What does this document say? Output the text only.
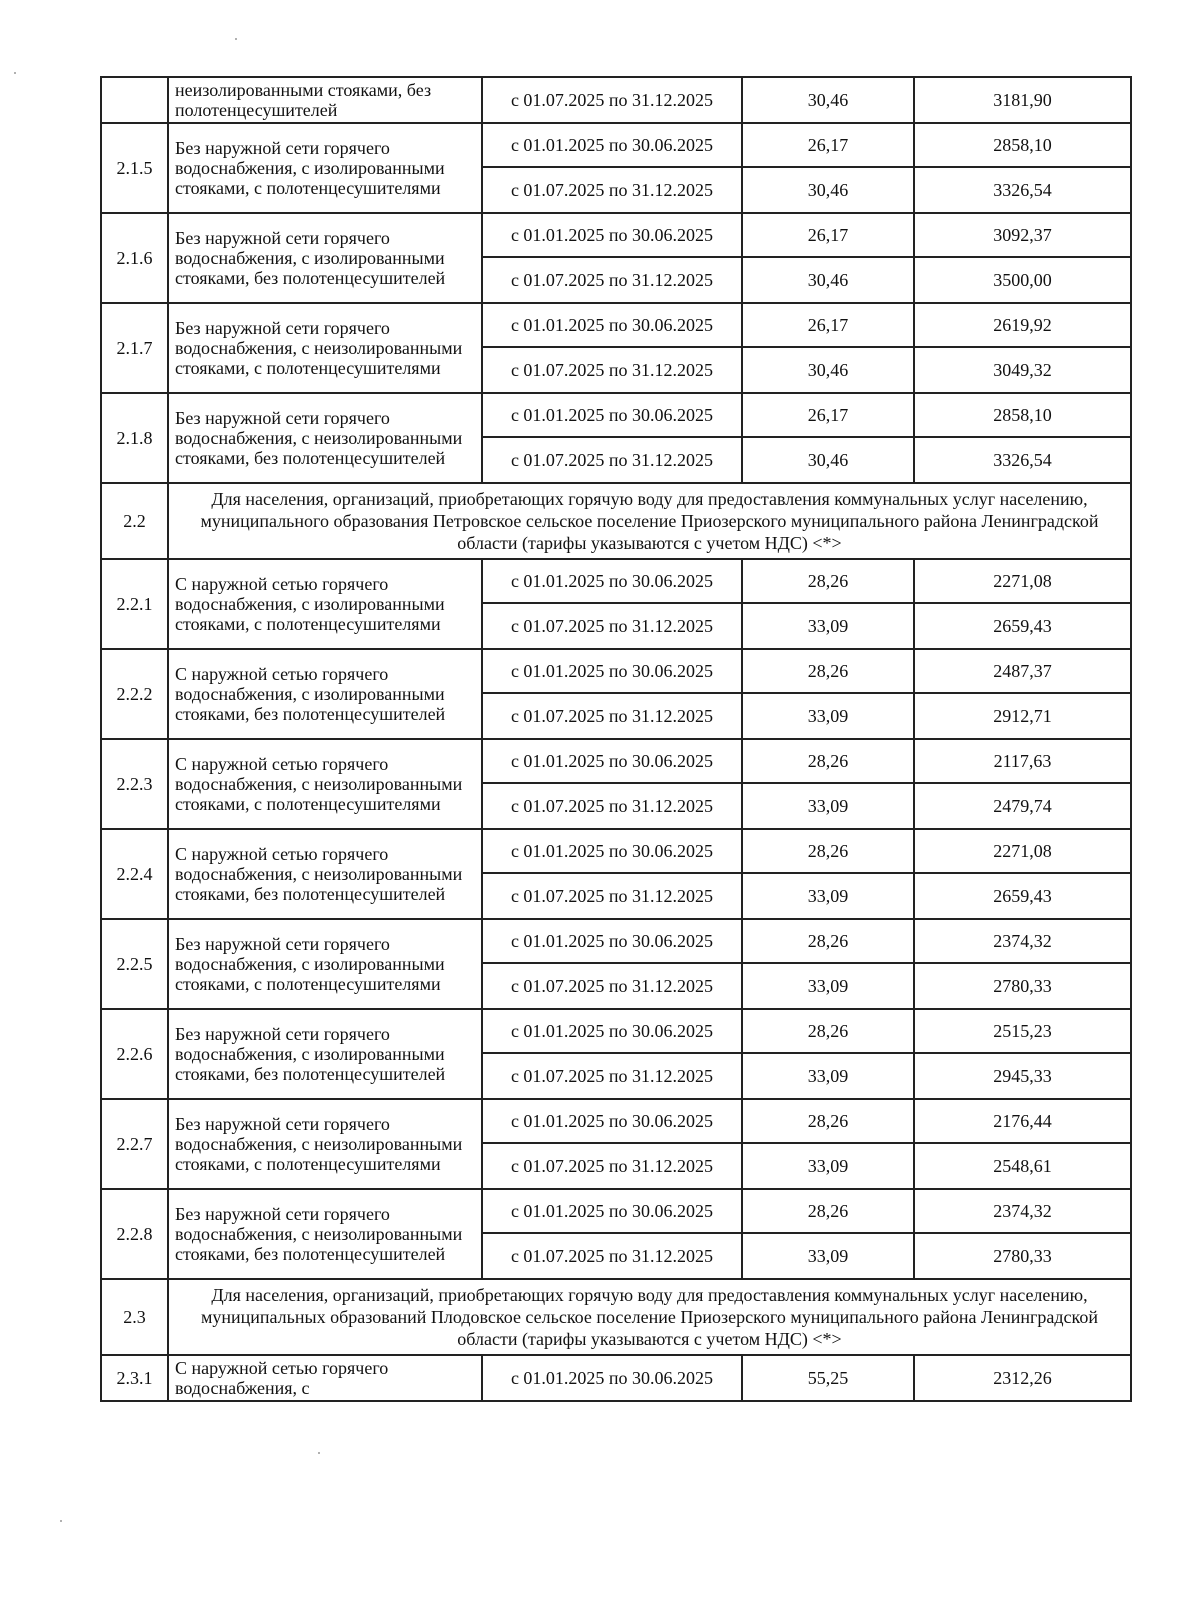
	неизолированными стояками, без полотенцесушителей	с 01.07.2025 по 31.12.2025	30,46	3181,90
2.1.5	Без наружной сети горячего водоснабжения, с изолированными стояками, с полотенцесушителями	с 01.01.2025 по 30.06.2025	26,17	2858,10
		с 01.07.2025 по 31.12.2025	30,46	3326,54
2.1.6	Без наружной сети горячего водоснабжения, с изолированными стояками, без полотенцесушителей	с 01.01.2025 по 30.06.2025	26,17	3092,37
		с 01.07.2025 по 31.12.2025	30,46	3500,00
2.1.7	Без наружной сети горячего водоснабжения, с неизолированными стояками, с полотенцесушителями	с 01.01.2025 по 30.06.2025	26,17	2619,92
		с 01.07.2025 по 31.12.2025	30,46	3049,32
2.1.8	Без наружной сети горячего водоснабжения, с неизолированными стояками, без полотенцесушителей	с 01.01.2025 по 30.06.2025	26,17	2858,10
		с 01.07.2025 по 31.12.2025	30,46	3326,54
2.2	Для населения, организаций, приобретающих горячую воду для предоставления коммунальных услуг населению, муниципального образования Петровское сельское поселение Приозерского муниципального района Ленинградской области (тарифы указываются с учетом НДС) <*>			
2.2.1	С наружной сетью горячего водоснабжения, с изолированными стояками, с полотенцесушителями	с 01.01.2025 по 30.06.2025	28,26	2271,08
		с 01.07.2025 по 31.12.2025	33,09	2659,43
2.2.2	С наружной сетью горячего водоснабжения, с изолированными стояками, без полотенцесушителей	с 01.01.2025 по 30.06.2025	28,26	2487,37
		с 01.07.2025 по 31.12.2025	33,09	2912,71
2.2.3	С наружной сетью горячего водоснабжения, с неизолированными стояками, с полотенцесушителями	с 01.01.2025 по 30.06.2025	28,26	2117,63
		с 01.07.2025 по 31.12.2025	33,09	2479,74
2.2.4	С наружной сетью горячего водоснабжения, с неизолированными стояками, без полотенцесушителей	с 01.01.2025 по 30.06.2025	28,26	2271,08
		с 01.07.2025 по 31.12.2025	33,09	2659,43
2.2.5	Без наружной сети горячего водоснабжения, с изолированными стояками, с полотенцесушителями	с 01.01.2025 по 30.06.2025	28,26	2374,32
		с 01.07.2025 по 31.12.2025	33,09	2780,33
2.2.6	Без наружной сети горячего водоснабжения, с изолированными стояками, без полотенцесушителей	с 01.01.2025 по 30.06.2025	28,26	2515,23
		с 01.07.2025 по 31.12.2025	33,09	2945,33
2.2.7	Без наружной сети горячего водоснабжения, с неизолированными стояками, с полотенцесушителями	с 01.01.2025 по 30.06.2025	28,26	2176,44
		с 01.07.2025 по 31.12.2025	33,09	2548,61
2.2.8	Без наружной сети горячего водоснабжения, с неизолированными стояками, без полотенцесушителей	с 01.01.2025 по 30.06.2025	28,26	2374,32
		с 01.07.2025 по 31.12.2025	33,09	2780,33
2.3	Для населения, организаций, приобретающих горячую воду для предоставления коммунальных услуг населению, муниципальных образований Плодовское сельское поселение Приозерского муниципального района Ленинградской области (тарифы указываются с учетом НДС) <*>			
2.3.1	С наружной сетью горячего водоснабжения, с	с 01.01.2025 по 30.06.2025	55,25	2312,26
